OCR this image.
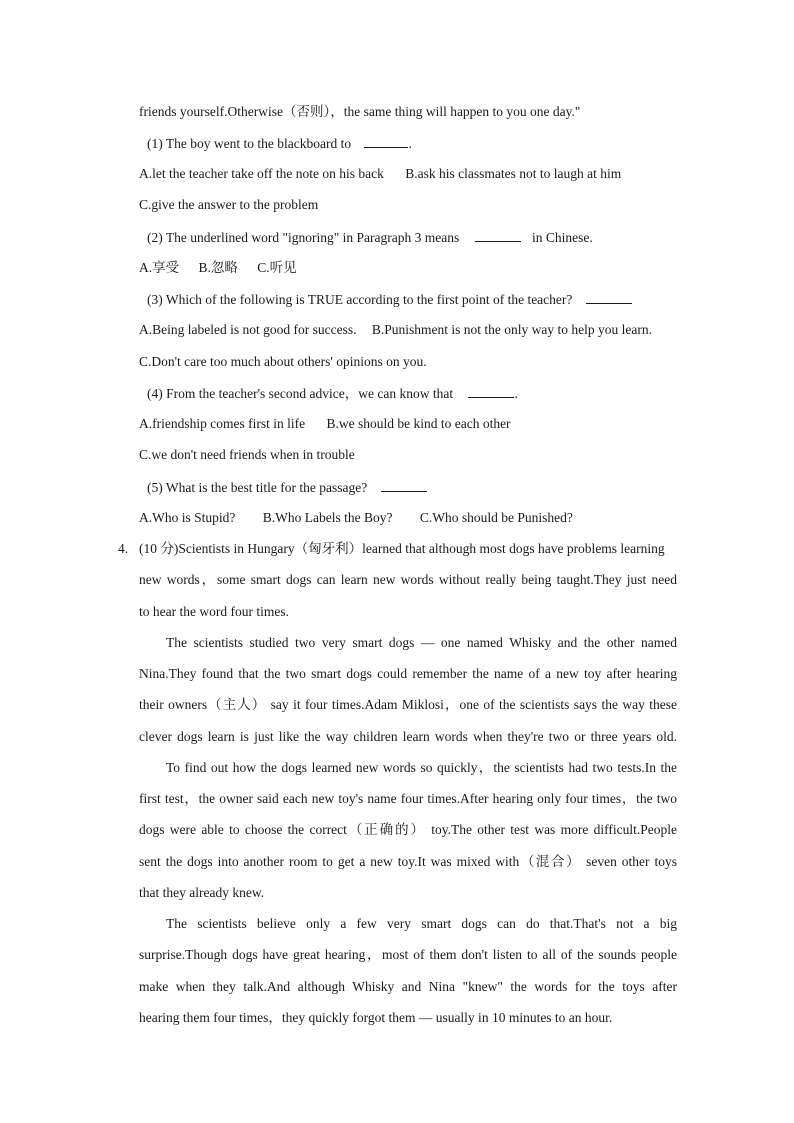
friends yourself.Otherwise（否则），the same thing will happen to you one day."
(1) The boy went to the blackboard to	.
A.let the teacher take off the note on his back B.ask his classmates not to laugh at him
C.give the answer to the problem
(2) The underlined word "ignoring" in Paragraph 3 means	in Chinese.
A.享受 B.忽略 C.听见
(3) Which of the following is TRUE according to the first point of the teacher?
A.Being labeled is not good for success. B.Punishment is not the only way to help you learn.
C.Don't care too much about others' opinions on you.
(4) From the teacher's second advice，we can know that	.
A.friendship comes first in life B.we should be kind to each other
C.we don't need friends when in trouble
(5) What is the best title for the passage?
A.Who is Stupid? B.Who Labels the Boy? C.Who should be Punished?
4. (10 分)Scientists in Hungary（匈牙利）learned that although most dogs have problems learning
new words，some smart dogs can learn new words without really being taught.They just need
to hear the word four times.
The scientists studied two very smart dogs — one named Whisky and the other named
Nina.They found that the two smart dogs could remember the name of a new toy after hearing
their owners（主人） say it four times.Adam Miklosi，one of the scientists says the way these
clever dogs learn is just like the way children learn words when they're two or three years old.
To find out how the dogs learned new words so quickly，the scientists had two tests.In the
first test，the owner said each new toy's name four times.After hearing only four times，the two
dogs were able to choose the correct（正确的） toy.The other test was more difficult.People
sent the dogs into another room to get a new toy.It was mixed with（混合） seven other toys
that they already knew.
The scientists believe only a few very smart dogs can do that.That's not a big
surprise.Though dogs have great hearing，most of them don't listen to all of the sounds people
make when they talk.And although Whisky and Nina "knew" the words for the toys after
hearing them four times，they quickly forgot them — usually in 10 minutes to an hour.
